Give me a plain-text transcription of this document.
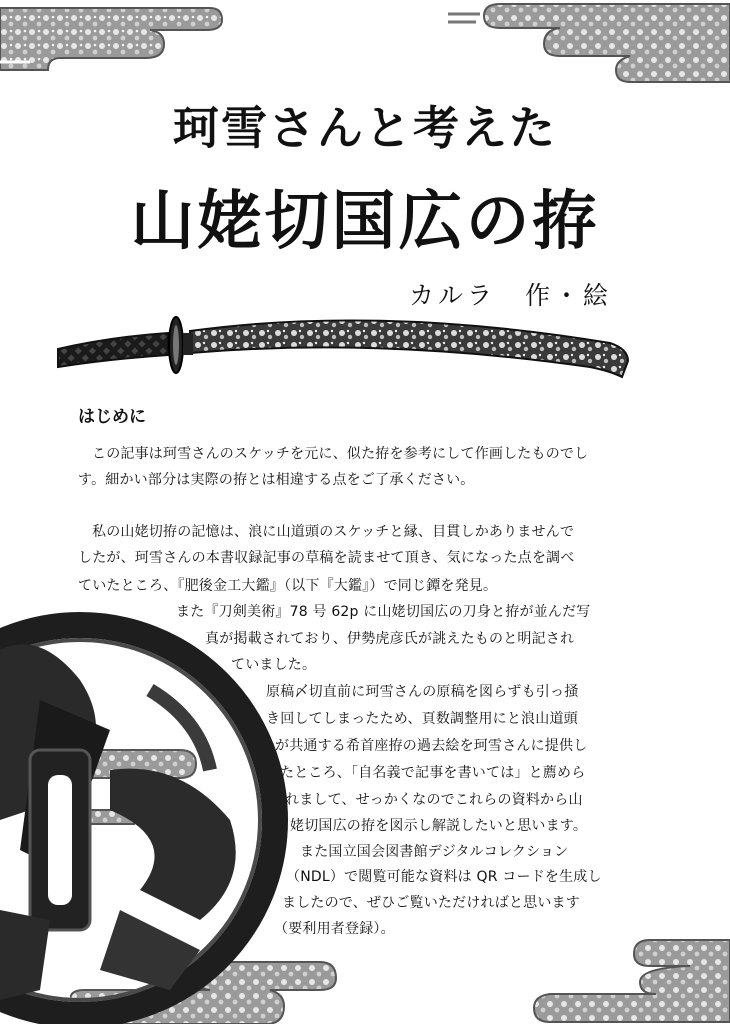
珂雪さんと考えた
山姥切国広の拵
カルラ　作・絵
はじめに
この記事は珂雪さんのスケッチを元に、似た拵を参考にして作画したものでし
す。細かい部分は実際の拵とは相違する点をご了承ください。
私の山姥切拵の記憶は、浪に山道頭のスケッチと縁、目貫しかありませんで
したが、珂雪さんの本書収録記事の草稿を読ませて頂き、気になった点を調べ
ていたところ、『肥後金工大鑑』（以下『大鑑』）で同じ鐔を発見。
また『刀剣美術』78 号 62p に山姥切国広の刀身と拵が並んだ写
真が掲載されており、伊勢虎彦氏が誂えたものと明記され
ていました。
原稿〆切直前に珂雪さんの原稿を図らずも引っ掻
き回してしまったため、頁数調整用にと浪山道頭
が共通する希首座拵の過去絵を珂雪さんに提供し
たところ、「自名義で記事を書いては」と薦めら
れまして、せっかくなのでこれらの資料から山
姥切国広の拵を図示し解説したいと思います。
また国立国会図書館デジタルコレクション
（NDL）で閲覧可能な資料は QR コードを生成し
ましたので、ぜひご覧いただければと思います
（要利用者登録）。
